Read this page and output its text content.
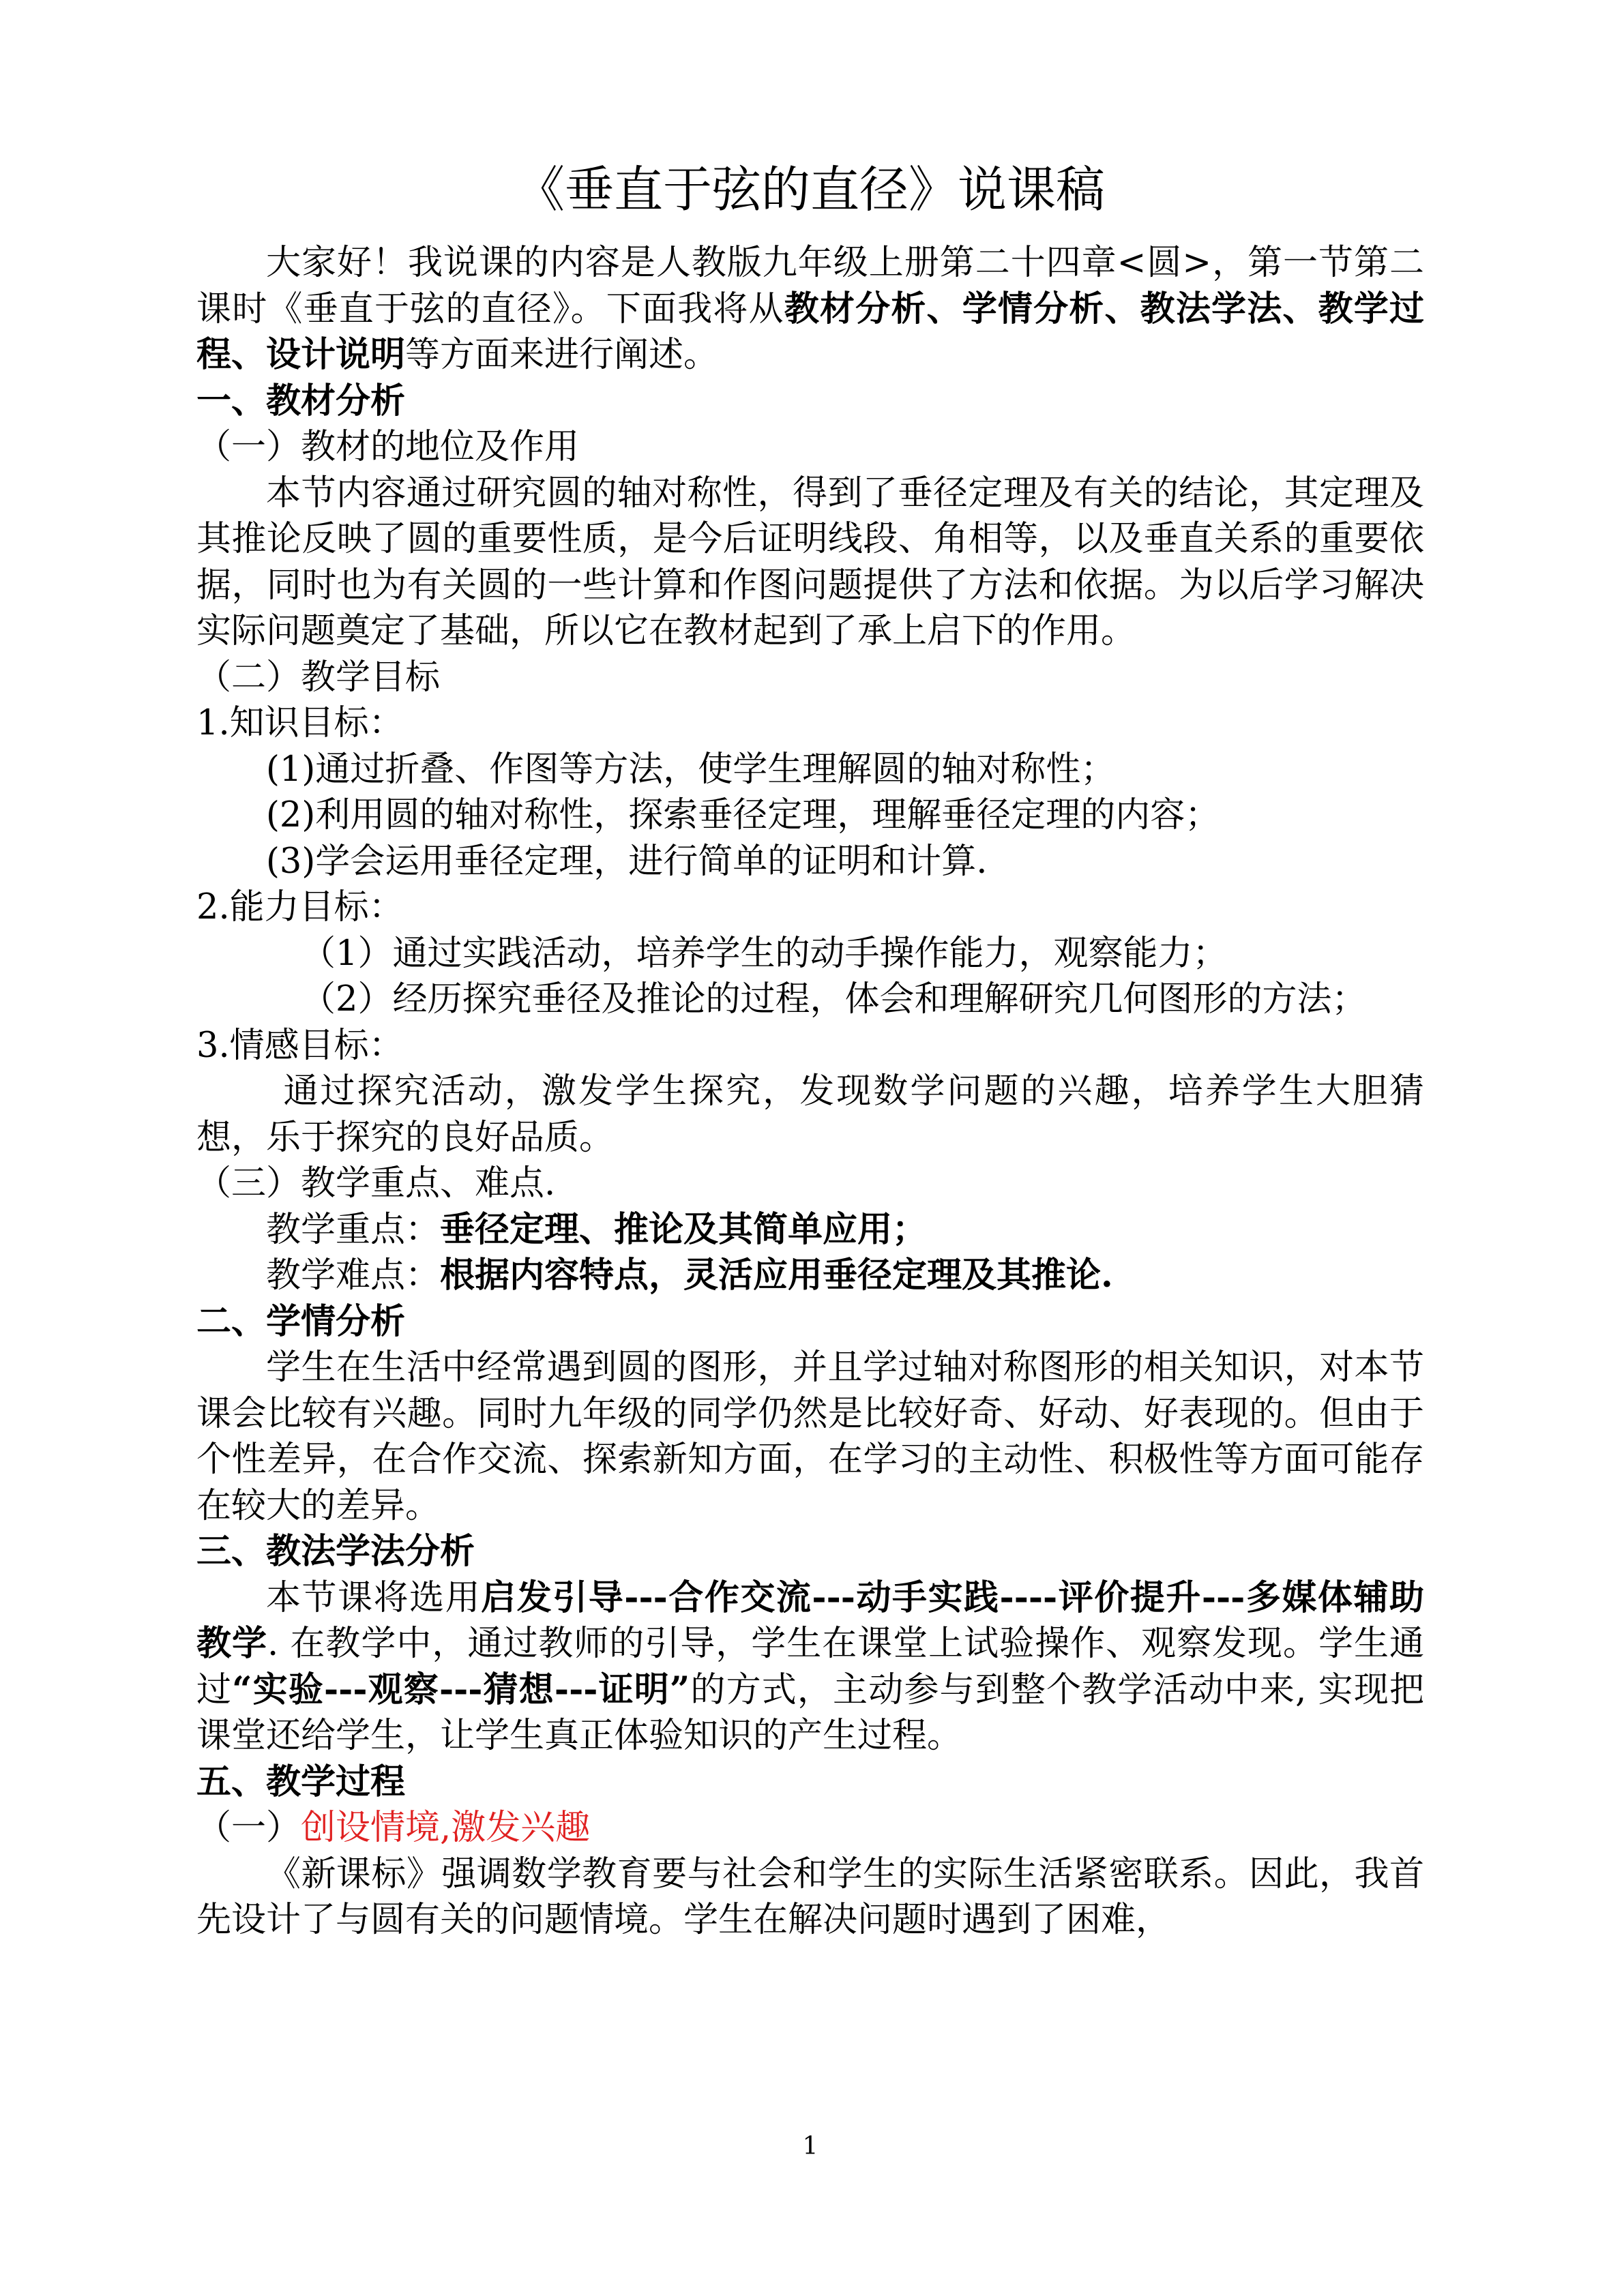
《垂直于弦的直径》说课稿

大家好！我说课的内容是人教版九年级上册第二十四章<圆>，第一节第二课时《垂直于弦的直径》。下面我将从教材分析、学情分析、教法学法、教学过程、设计说明等方面来进行阐述。

一、教材分析

（一）教材的地位及作用

本节内容通过研究圆的轴对称性，得到了垂径定理及有关的结论，其定理及其推论反映了圆的重要性质，是今后证明线段、角相等，以及垂直关系的重要依据，同时也为有关圆的一些计算和作图问题提供了方法和依据。为以后学习解决实际问题奠定了基础，所以它在教材起到了承上启下的作用。

（二）教学目标

1.知识目标：

(1)通过折叠、作图等方法，使学生理解圆的轴对称性；

(2)利用圆的轴对称性，探索垂径定理，理解垂径定理的内容；

(3)学会运用垂径定理，进行简单的证明和计算.

2.能力目标：

（1）通过实践活动，培养学生的动手操作能力，观察能力；

（2）经历探究垂径及推论的过程，体会和理解研究几何图形的方法；

3.情感目标：

通过探究活动，激发学生探究，发现数学问题的兴趣，培养学生大胆猜想，乐于探究的良好品质。

（三）教学重点、难点.

教学重点：垂径定理、推论及其简单应用；

教学难点：根据内容特点，灵活应用垂径定理及其推论.

二、学情分析

学生在生活中经常遇到圆的图形，并且学过轴对称图形的相关知识，对本节课会比较有兴趣。同时九年级的同学仍然是比较好奇、好动、好表现的。但由于个性差异，在合作交流、探索新知方面，在学习的主动性、积极性等方面可能存在较大的差异。

三、教法学法分析

本节课将选用启发引导---合作交流---动手实践----评价提升---多媒体辅助教学. 在教学中，通过教师的引导，学生在课堂上试验操作、观察发现。学生通过“实验---观察---猜想---证明”的方式，主动参与到整个教学活动中来, 实现把课堂还给学生，让学生真正体验知识的产生过程。

五、教学过程

（一）创设情境,激发兴趣

《新课标》强调数学教育要与社会和学生的实际生活紧密联系。因此，我首先设计了与圆有关的问题情境。学生在解决问题时遇到了困难，

1
